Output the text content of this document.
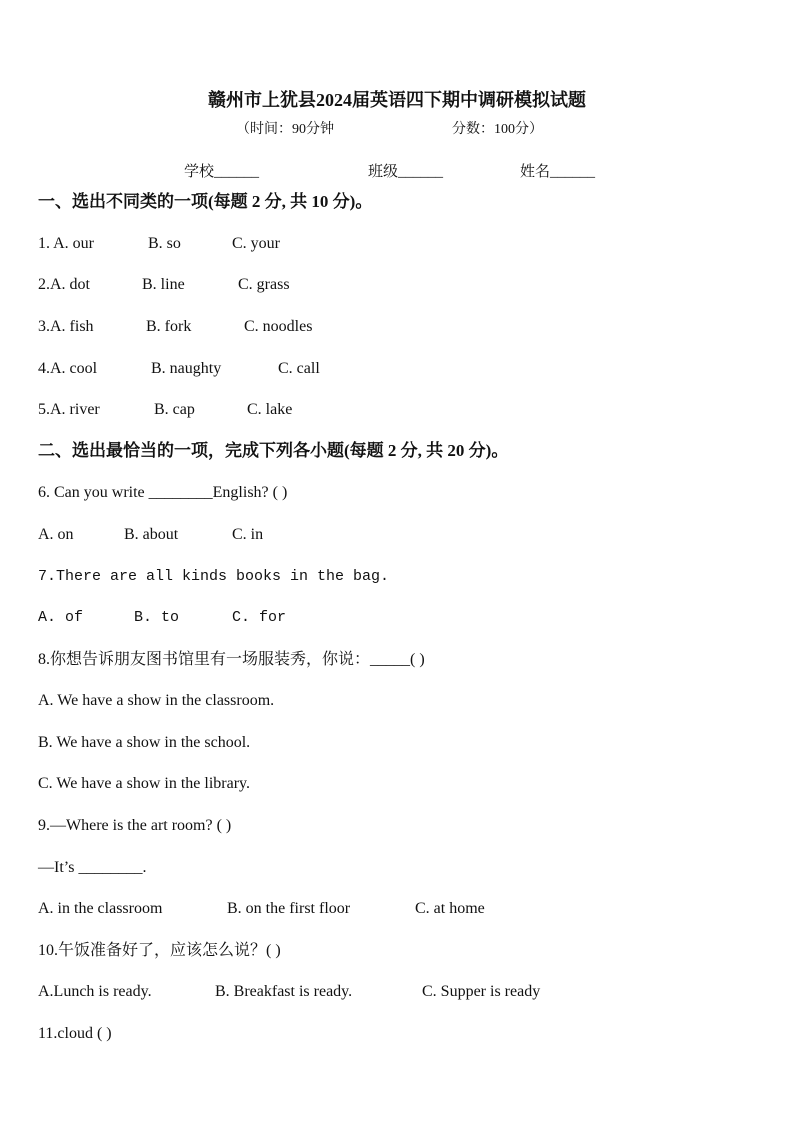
赣州市上犹县2024届英语四下期中调研模拟试题
（时间：90分钟	分数：100分）
学校______	班级______	姓名______
一、选出不同类的一项(每题 2 分, 共 10 分)。
1. A. our	B. so	C. your
2.A. dot	B. line	C. grass
3.A. fish	B. fork	C. noodles
4.A. cool	B. naughty	C. call
5.A. river	B. cap	C. lake
二、选出最恰当的一项，完成下列各小题(每题 2 分, 共 20 分)。
6. Can you write ________English? ( )
A. on	B. about	C. in
7.There are all kinds books in the bag.
A. of	B. to	C. for
8.你想告诉朋友图书馆里有一场服装秀，你说：_____( )
A. We have a show in the classroom.
B. We have a show in the school.
C. We have a show in the library.
9.—Where is the art room? ( )
—It’s ________.
A. in the classroom	B. on the first floor	C. at home
10.午饭准备好了，应该怎么说？( )
A.Lunch is ready.	B. Breakfast is ready.	C. Supper is ready
11.cloud ( )
